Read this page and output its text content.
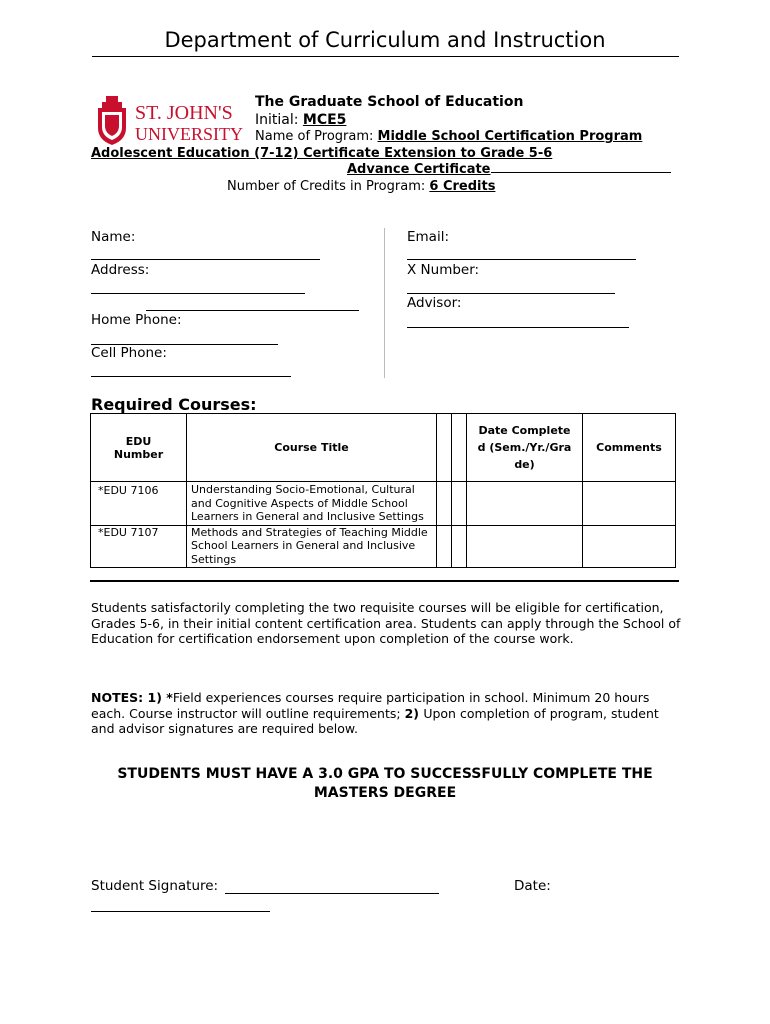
Department of Curriculum and Instruction
ST. JOHN'S
UNIVERSITY
The Graduate School of Education
Initial: MCE5
Name of Program: Middle School Certification Program
Adolescent Education (7-12) Certificate Extension to Grade 5-6
Advance Certificate
Number of Credits in Program: 6 Credits
Name:
Address:
Home Phone:
Cell Phone:
Email:
X Number:
Advisor:
Required Courses:
EDU Number	Course Title			Date Completed (Sem./Yr./Grade)	Comments

*EDU 7106	Understanding Socio-Emotional, Cultural and Cognitive Aspects of Middle School Learners in General and Inclusive Settings				

*EDU 7107	Methods and Strategies of Teaching Middle School Learners in General and Inclusive Settings				

Students satisfactorily completing the two requisite courses will be eligible for certification, Grades 5-6, in their initial content certification area. Students can apply through the School of Education for certification endorsement upon completion of the course work.
NOTES: 1) *Field experiences courses require participation in school. Minimum 20 hours each. Course instructor will outline requirements; 2) Upon completion of program, student and advisor signatures are required below.
STUDENTS MUST HAVE A 3.0 GPA TO SUCCESSFULLY COMPLETE THE MASTERS DEGREE
Student Signature:	Date:
